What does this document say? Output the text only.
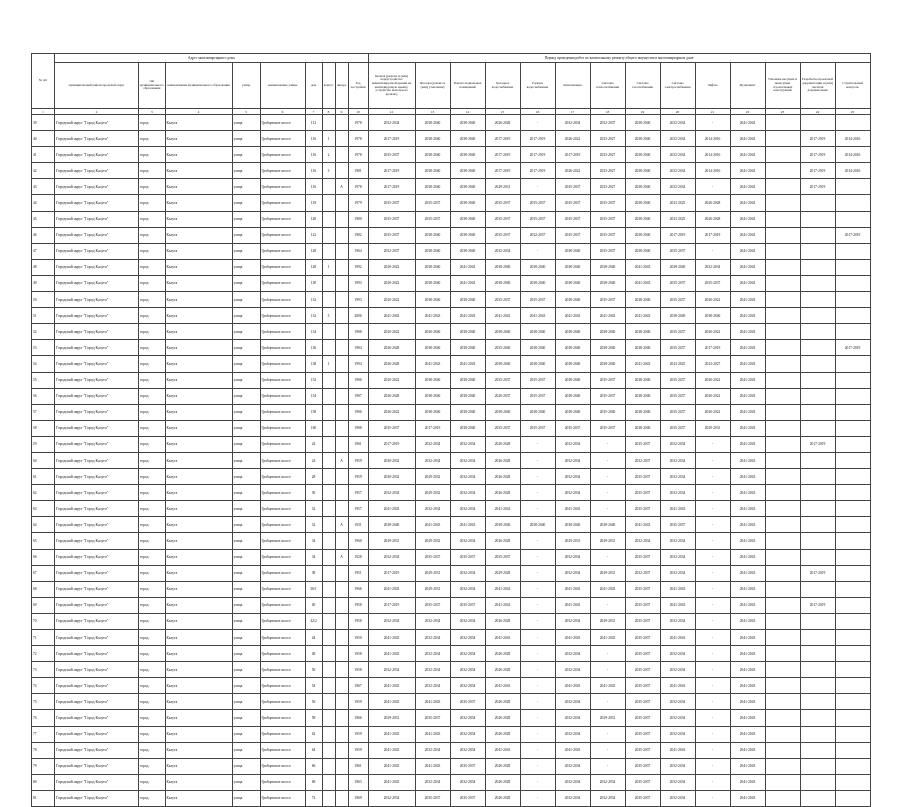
№ п/п	Адрес многоквартирного дома									Период проведения работ по капитальному ремонту общего имущества в многоквартирном доме													
	муниципальный район/городской округ	тип муниципального образования	наименование муниципального образования	улица	наименование улицы	дом	корпус	литера	Год постройки	Кровля (ремонт и (или) переустройство невентилируемой крыши на вентилируемую крышу, устройство выходов на кровлю)	Фасады (ремонт и (или) утепление)	Ремонт подвальных помещений	Холодное водоснабжение	Горячее водоснабжение	Канализация	Система теплоснабжения	Система газоснабжения	Система электроснабжения	Лифты	Фундамент	Усиление несущих и ненесущих строительных конструкций	Разработка проектной документации и (или) сметной документации	Строительный контроль
1	2	3	4	5	6	7	8	9	10	12	13	14	15	16	17	18	19	20	21	22	23	24	25
39	Городской округ "Город Калуга"	город	Калуга	улица	Грабцевское шоссе	112			1978	2032-2034	2038-2040	2038-2040	2026-2028	-	2032-2034	2032-2037	2038-2040	2032-2034	-	2041-2043			
40	Городской округ "Город Калуга"	город	Калуга	улица	Грабцевское шоссе	116	1		1978	2017-2019	2038-2040	2038-2040	2017-2019	2017-2019	2026-2022	2023-2027	2038-2040	2032-2034	2014-2016	2041-2043		2017-2019	2014-2016
41	Городской округ "Город Калуга"	город	Калуга	улица	Грабцевское шоссе	116	2		1978	2035-2037	2038-2040	2038-2040	2017-2019	2017-2019	2017-2019	2023-2027	2038-2040	2032-2034	2014-2016	2041-2043		2017-2019	2014-2016
42	Городской округ "Город Калуга"	город	Калуга	улица	Грабцевское шоссе	116	3		1981	2017-2019	2038-2040	2038-2040	2017-2019	2017-2019	2026-2022	2023-2027	2038-2040	2032-2034	2014-2016	2041-2043		2017-2019	2014-2016
43	Городской округ "Город Калуга"	город	Калуга	улица	Грабцевское шоссе	116		А	1978	2017-2019	2038-2040	2038-2040	2029-2031	-	2035-2037	2023-2027	2038-2040	2032-2034	-	2041-2043		2017-2019	
44	Городской округ "Город Калуга"	город	Калуга	улица	Грабцевское шоссе	118			1979	2035-2037	2035-2037	2038-2040	2035-2037	2035-2037	2035-2037	2035-2037	2038-2040	2023-2025	2026-2028	2041-2043			
45	Городской округ "Город Калуга"	город	Калуга	улица	Грабцевское шоссе	120			1980	2035-2037	2035-2037	2038-2040	2035-2037	2035-2037	2035-2037	2035-2037	2038-2040	2023-2025	2026-2028	2041-2043			
46	Городской округ "Город Калуга"	город	Калуга	улица	Грабцевское шоссе	122			1982	2035-2037	2038-2040	2038-2040	2035-2037	2032-2037	2035-2037	2035-2037	2038-2040	2017-2019	2017-2019	2041-2043			2017-2019
47	Городской округ "Город Калуга"	город	Калуга	улица	Грабцевское шоссе	128			1964	2032-2037	2038-2040	2038-2040	2032-2034	-	2038-2040	2035-2037	2038-2040	2035-2037	-	2041-2043			
48	Городской округ "Город Калуга"	город	Калуга	улица	Грабцевское шоссе	128	1		1992	2020-2022	2038-2040	2041-2043	2038-2040	2038-2040	2038-2040	2038-2040	2041-2043	2038-2040	2032-2034	2041-2043			
49	Городской округ "Город Калуга"	город	Калуга	улица	Грабцевское шоссе	130			1993	2020-2022	2038-2040	2041-2043	2038-2040	2038-2040	2038-2040	2038-2040	2041-2043	2035-2037	2035-2037	2041-2043			
50	Городской округ "Город Калуга"	город	Калуга	улица	Грабцевское шоссе	132			1993	2020-2022	2038-2040	2038-2040	2035-2037	2035-2037	2038-2040	2035-2037	2038-2040	2035-2037	2020-2022	2041-2043			
51	Городской округ "Город Калуга"	город	Калуга	улица	Грабцевское шоссе	132	3		2006	2041-2043	2041-2043	2041-2043	2041-2043	2041-2043	2041-2043	2041-2043	2041-2043	2038-2040	2038-2040	2041-2043			
52	Городской округ "Город Калуга"	город	Калуга	улица	Грабцевское шоссе	134			1988	2020-2022	2020-2040	2038-2040	2038-2040	2038-2040	2038-2040	2038-2040	2038-2040	2035-2037	2020-2022	2041-2043			
53	Городской округ "Город Калуга"	город	Калуга	улица	Грабцевское шоссе	136			1984	2026-2028	2038-2040	2038-2040	2035-2040	2038-2040	2038-2040	2038-2040	2038-2040	2035-2037	2017-2019	2041-2043			2017-2019
54	Городской округ "Город Калуга"	город	Калуга	улица	Грабцевское шоссе	138	1		1994	2026-2028	2041-2043	2041-2043	2038-2040	2038-2040	2038-2040	2038-2040	2041-2043	2023-2025	2023-2027	2041-2043			
55	Городской округ "Город Калуга"	город	Калуга	улица	Грабцевское шоссе	152			1986	2020-2022	2038-2040	2038-2040	2035-2037	2035-2037	2038-2040	2035-2037	2038-2040	2035-2037	2020-2022	2041-2043			
56	Городской округ "Город Калуга"	город	Калуга	улица	Грабцевское шоссе	154			1987	2026-2028	2038-2040	2038-2040	2026-2037	2035-2037	2038-2040	2035-2037	2038-2040	2035-2037	2020-2022	2041-2043			
57	Городской округ "Город Калуга"	город	Калуга	улица	Грабцевское шоссе	158			1986	2026-2022	2038-2040	2038-2040	2038-2040	2038-2040	2038-2040	2035-2040	2038-2040	2035-2037	2020-2022	2041-2043			
58	Городской округ "Город Калуга"	город	Калуга	улица	Грабцевское шоссе	160			1988	2035-2037	2017-2019	2038-2040	2035-2037	2035-2037	2035-2037	2035-2037	2038-2040	2035-2037	2029-2031	2041-2043			
59	Городской округ "Город Калуга"	город	Калуга	улица	Грабцевское шоссе	24			1961	2017-2019	2032-2034	2032-2034	2026-2028	-	2032-2034	-	2035-2037	2032-2034	-	2041-2043		2017-2019	
60	Городской округ "Город Калуга"	город	Калуга	улица	Грабцевское шоссе	24		А	1959	2030-2032	2032-2034	2032-2034	2026-2028	-	2032-2034	-	2032-2037	2032-2034	-	2041-2043			
61	Городской округ "Город Калуга"	город	Калуга	улица	Грабцевское шоссе	28			1959	2030-2032	2029-2032	2032-2034	2026-2028	-	2032-2034	-	2035-2037	2032-2034	-	2041-2043			
62	Городской округ "Город Калуга"	город	Калуга	улица	Грабцевское шоссе	30			1957	2032-2034	2029-2032	2032-2034	2026-2028	-	2032-2034	-	2035-2037	2032-2034	-	2041-2043			
63	Городской округ "Город Калуга"	город	Калуга	улица	Грабцевское шоссе	32			1957	2041-2043	2032-2034	2032-2034	2041-2043	-	2041-2043	-	2035-2037	2041-2043	-	2041-2043			
64	Городской округ "Город Калуга"	город	Калуга	улица	Грабцевское шоссе	32		А	1931	2038-2040	2041-2043	2041-2043	2038-2040	2038-2040	2038-2040	2038-2040	2041-2043	2035-2037	-	2041-2043			
65	Городской округ "Город Калуга"	город	Калуга	улица	Грабцевское шоссе	34			1960	2029-2031	2029-2032	2032-2034	2026-2028	-	2029-2031	2029-2031	2032-2034	2032-2034	-	2041-2043			
66	Городской округ "Город Калуга"	город	Калуга	улица	Грабцевское шоссе	34		А	1928	2032-2034	2035-2037	2035-2037	2035-2037	-	2032-2034	-	2035-2037	2032-2034	-	2041-2043			
67	Городской округ "Город Калуга"	город	Калуга	улица	Грабцевское шоссе	38			1951	2017-2019	2029-2031	2032-2034	2029-2028	-	2032-2034	2029-2031	2032-2037	2032-2034	-	2041-2043		2017-2019	
68	Городской округ "Город Калуга"	город	Калуга	улица	Грабцевское шоссе	36/1			1966	2041-2043	2029-2031	2032-2034	2041-2043	-	2041-2043	2041-2043	2035-2037	2041-2043	-	2041-2043			
69	Городской округ "Город Калуга"	город	Калуга	улица	Грабцевское шоссе	40			1958	2017-2019	2035-2037	2035-2037	2041-2043	-	2041-2043	-	2035-2037	2041-2043	-	2041-2043		2017-2019	
70	Городской округ "Город Калуга"	город	Калуга	улица	Грабцевское шоссе	42/2			1958	2032-2034	2032-2034	2032-2034	2026-2028	-	2032-2034	2029-2031	2035-2037	2032-2034	-	2041-2043			
71	Городской округ "Город Калуга"	город	Калуга	улица	Грабцевское шоссе	44			1950	2041-2043	2032-2034	2032-2034	2041-2043	-	2041-2043	2041-2043	2035-2037	2041-2043	-	2041-2043			
72	Городской округ "Город Калуга"	город	Калуга	улица	Грабцевское шоссе	48			1958	2041-2043	2032-2034	2032-2034	2026-2028	-	2032-2034	-	2035-2037	2032-2034	-	2041-2043			
73	Городской округ "Город Калуга"	город	Калуга	улица	Грабцевское шоссе	50			1958	2032-2034	2032-2034	2032-2034	2026-2028	-	2032-2034	-	2035-2037	2032-2034	-	2041-2043			
74	Городской округ "Город Калуга"	город	Калуга	улица	Грабцевское шоссе	54			1967	2041-2043	2032-2034	2032-2034	2041-2043	-	2041-2043	2041-2043	2035-2037	2041-2043	-	2041-2043			
75	Городской округ "Город Калуга"	город	Калуга	улица	Грабцевское шоссе	56			1959	2041-2043	2041-2043	2035-2037	2026-2028	-	2032-2034	-	2035-2037	2032-2034	-	2041-2043			
76	Городской округ "Город Калуга"	город	Калуга	улица	Грабцевское шоссе	58			1966	2029-2031	2035-2037	2032-2034	2026-2028	-	2032-2034	2029-2031	2035-2037	2032-2034	-	2041-2043			
77	Городской округ "Город Калуга"	город	Калуга	улица	Грабцевское шоссе	62			1959	2041-2043	2041-2043	2032-2034	2026-2028	-	2032-2034	-	2035-2037	2032-2034	-	2041-2043			
78	Городской округ "Город Калуга"	город	Калуга	улица	Грабцевское шоссе	64			1959	2041-2043	2032-2034	2032-2034	2041-2043	-	2041-2043	-	2035-2037	2041-2043	-	2041-2043			
79	Городской округ "Город Калуга"	город	Калуга	улица	Грабцевское шоссе	66			1961	2041-2043	2041-2043	2035-2037	2026-2028	-	2032-2034	-	2035-2037	2032-2034	-	2041-2043			
80	Городской округ "Город Калуга"	город	Калуга	улица	Грабцевское шоссе	68			1963	2041-2043	2032-2034	2032-2034	2026-2028	-	2032-2034	2032-2034	2035-2037	2032-2034	-	2041-2043			
81	Городской округ "Город Калуга"	город	Калуга	улица	Грабцевское шоссе	72			1969	2032-2034	2035-2037	2035-2037	2026-2028	-	2032-2034	2032-2034	2035-2037	2032-2034	-	2041-2043			
